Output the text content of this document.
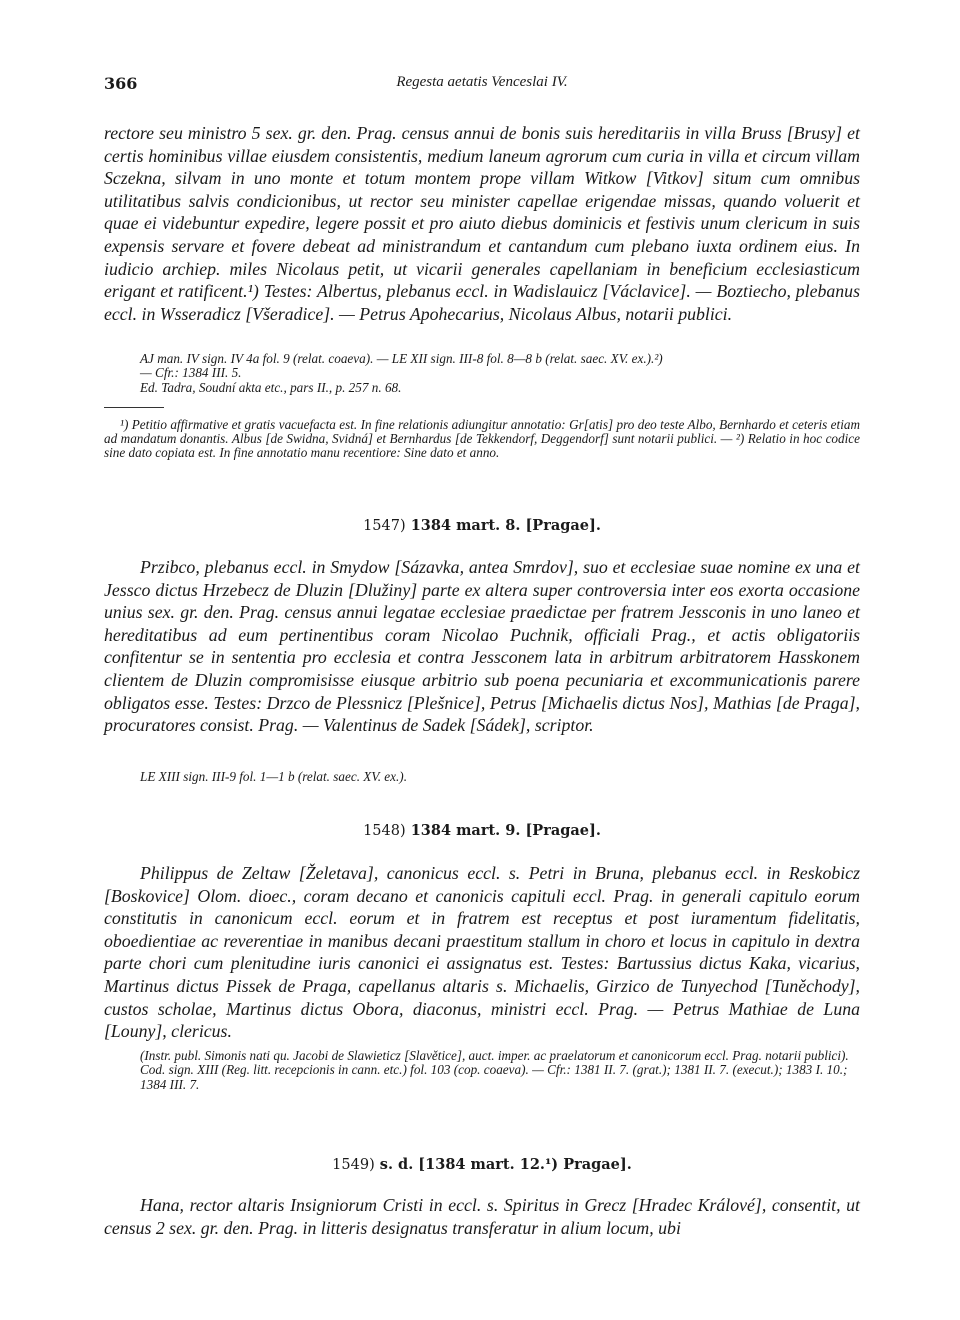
366	Regesta aetatis Venceslai IV.

rectore seu ministro 5 sex. gr. den. Prag. census annui de bonis suis hereditariis in villa Bruss [Brusy] et certis hominibus villae eiusdem consistentis, medium laneum agrorum cum curia in villa et circum villam Sczekna, silvam in uno monte et totum montem prope villam Witkow [Vitkov] situm cum omnibus utilitatibus salvis condicionibus, ut rector seu minister capellae erigendae missas, quando voluerit et quae ei videbuntur expedire, legere possit et pro aiuto diebus dominicis et festivis unum clericum in suis expensis servare et fovere debeat ad ministrandum et cantandum cum plebano iuxta ordinem eius. In iudicio archiep. miles Nicolaus petit, ut vicarii generales capellaniam in beneficium ecclesiasticum erigant et ratificent.¹) Testes: Albertus, plebanus eccl. in Wadislauicz [Václavice]. — Boztiecho, plebanus eccl. in Wsseradicz [Všeradice]. — Petrus Apohecarius, Nicolaus Albus, notarii publici.

AJ man. IV sign. IV 4a fol. 9 (relat. coaeva). — LE XII sign. III-8 fol. 8—8 b (relat. saec. XV. ex.).²)

— Cfr.: 1384 III. 5.

Ed. Tadra, Soudní akta etc., pars II., p. 257 n. 68.

¹) Petitio affirmative et gratis vacuefacta est. In fine relationis adiungitur annotatio: Gr[atis] pro deo teste Albo, Bernhardo et ceteris etiam ad mandatum donantis. Albus [de Swidna, Svidná] et Bernhardus [de Tekkendorf, Deggendorf] sunt notarii publici. — ²) Relatio in hoc codice sine dato copiata est. In fine annotatio manu recentiore: Sine dato et anno.

1547) 1384 mart. 8. [Pragae].

Przibco, plebanus eccl. in Smydow [Sázavka, antea Smrdov], suo et ecclesiae suae nomine ex una et Jessco dictus Hrzebecz de Dluzin [Dlužiny] parte ex altera super controversia inter eos exorta occasione unius sex. gr. den. Prag. census annui legatae ecclesiae praedictae per fratrem Jessconis in uno laneo et hereditatibus ad eum pertinentibus coram Nicolao Puchnik, officiali Prag., et actis obligatoriis confitentur se in sententia pro ecclesia et contra Jessconem lata in arbitrum arbitratorem Hasskonem clientem de Dluzin compromisisse eiusque arbitrio sub poena pecuniaria et excommunicationis parere obligatos esse. Testes: Drzco de Plessnicz [Plešnice], Petrus [Michaelis dictus Nos], Mathias [de Praga], procuratores consist. Prag. — Valentinus de Sadek [Sádek], scriptor.

LE XIII sign. III-9 fol. 1—1 b (relat. saec. XV. ex.).

1548) 1384 mart. 9. [Pragae].

Philippus de Zeltaw [Želetava], canonicus eccl. s. Petri in Bruna, plebanus eccl. in Reskobicz [Boskovice] Olom. dioec., coram decano et canonicis capituli eccl. Prag. in generali capitulo eorum constitutis in canonicum eccl. eorum et in fratrem est receptus et post iuramentum fidelitatis, oboedientiae ac reverentiae in manibus decani praestitum stallum in choro et locus in capitulo in dextra parte chori cum plenitudine iuris canonici ei assignatus est. Testes: Bartussius dictus Kaka, vicarius, Martinus dictus Pissek de Praga, capellanus altaris s. Michaelis, Girzico de Tunyechod [Tuněchody], custos scholae, Martinus dictus Obora, diaconus, ministri eccl. Prag. — Petrus Mathiae de Luna [Louny], clericus.

(Instr. publ. Simonis nati qu. Jacobi de Slawieticz [Slavětice], auct. imper. ac praelatorum et canonicorum eccl. Prag. notarii publici).

Cod. sign. XIII (Reg. litt. recepcionis in cann. etc.) fol. 103 (cop. coaeva). — Cfr.: 1381 II. 7. (grat.); 1381 II. 7. (execut.); 1383 I. 10.; 1384 III. 7.

1549) s. d. [1384 mart. 12.¹) Pragae].

Hana, rector altaris Insigniorum Cristi in eccl. s. Spiritus in Grecz [Hradec Králové], consentit, ut census 2 sex. gr. den. Prag. in litteris designatus transferatur in alium locum, ubi
